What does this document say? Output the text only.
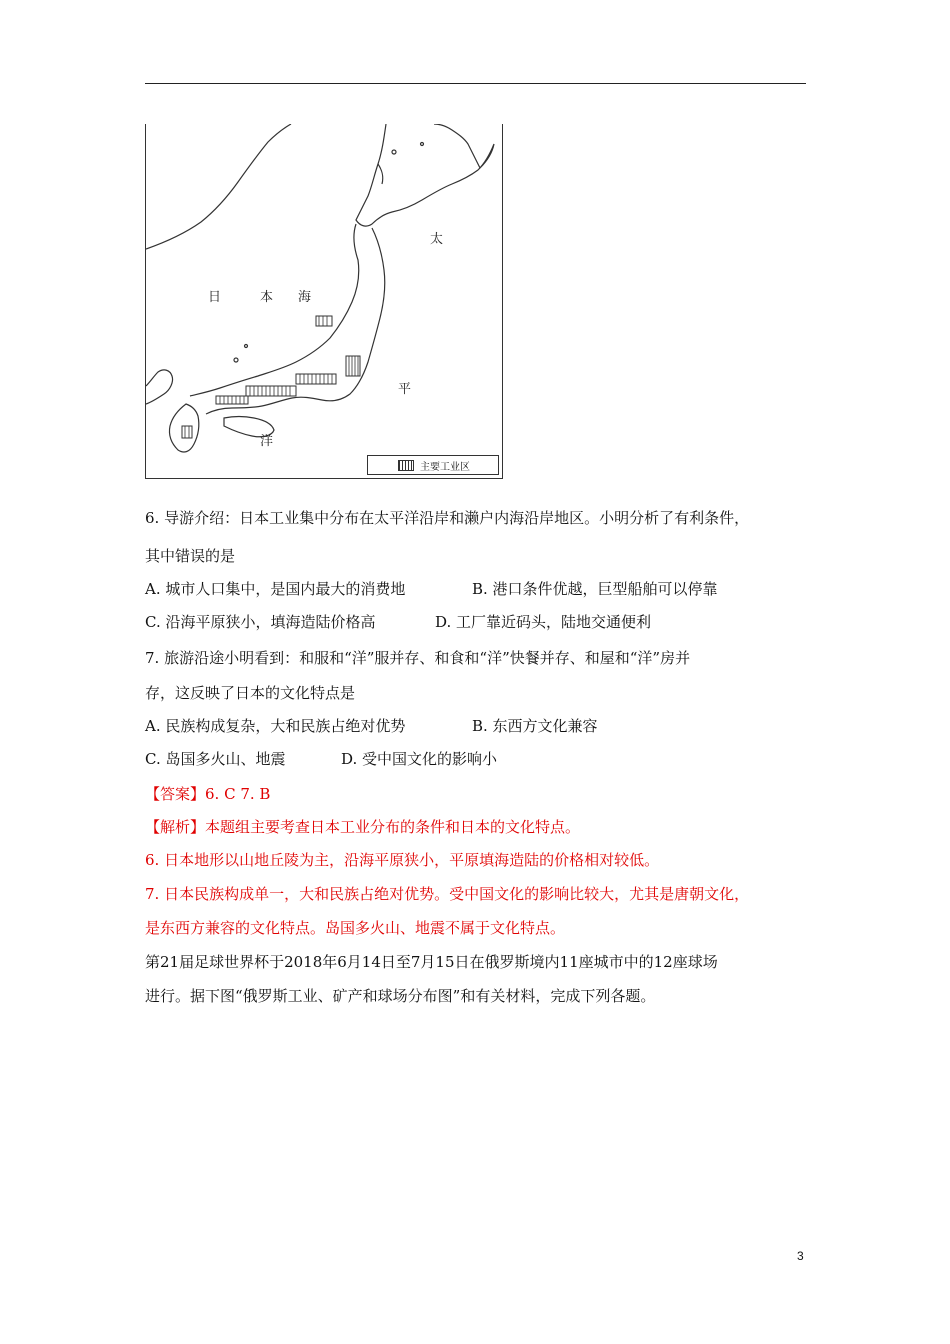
日	本 海
太
平
洋
主要工业区
6. 导游介绍：日本工业集中分布在太平洋沿岸和濑户内海沿岸地区。小明分析了有利条件，
其中错误的是
A. 城市人口集中，是国内最大的消费地	B. 港口条件优越，巨型船舶可以停靠
C. 沿海平原狭小，填海造陆价格高	D. 工厂靠近码头，陆地交通便利
7. 旅游沿途小明看到：和服和“洋”服并存、和食和“洋”快餐并存、和屋和“洋”房并
存，这反映了日本的文化特点是
A. 民族构成复杂，大和民族占绝对优势	B. 东西方文化兼容
C. 岛国多火山、地震	D. 受中国文化的影响小
【答案】6. C 7. B
【解析】本题组主要考查日本工业分布的条件和日本的文化特点。
6. 日本地形以山地丘陵为主，沿海平原狭小，平原填海造陆的价格相对较低。
7. 日本民族构成单一，大和民族占绝对优势。受中国文化的影响比较大，尤其是唐朝文化，
是东西方兼容的文化特点。岛国多火山、地震不属于文化特点。
第21届足球世界杯于2018年6月14日至7月15日在俄罗斯境内11座城市中的12座球场
进行。据下图“俄罗斯工业、矿产和球场分布图”和有关材料，完成下列各题。
3
